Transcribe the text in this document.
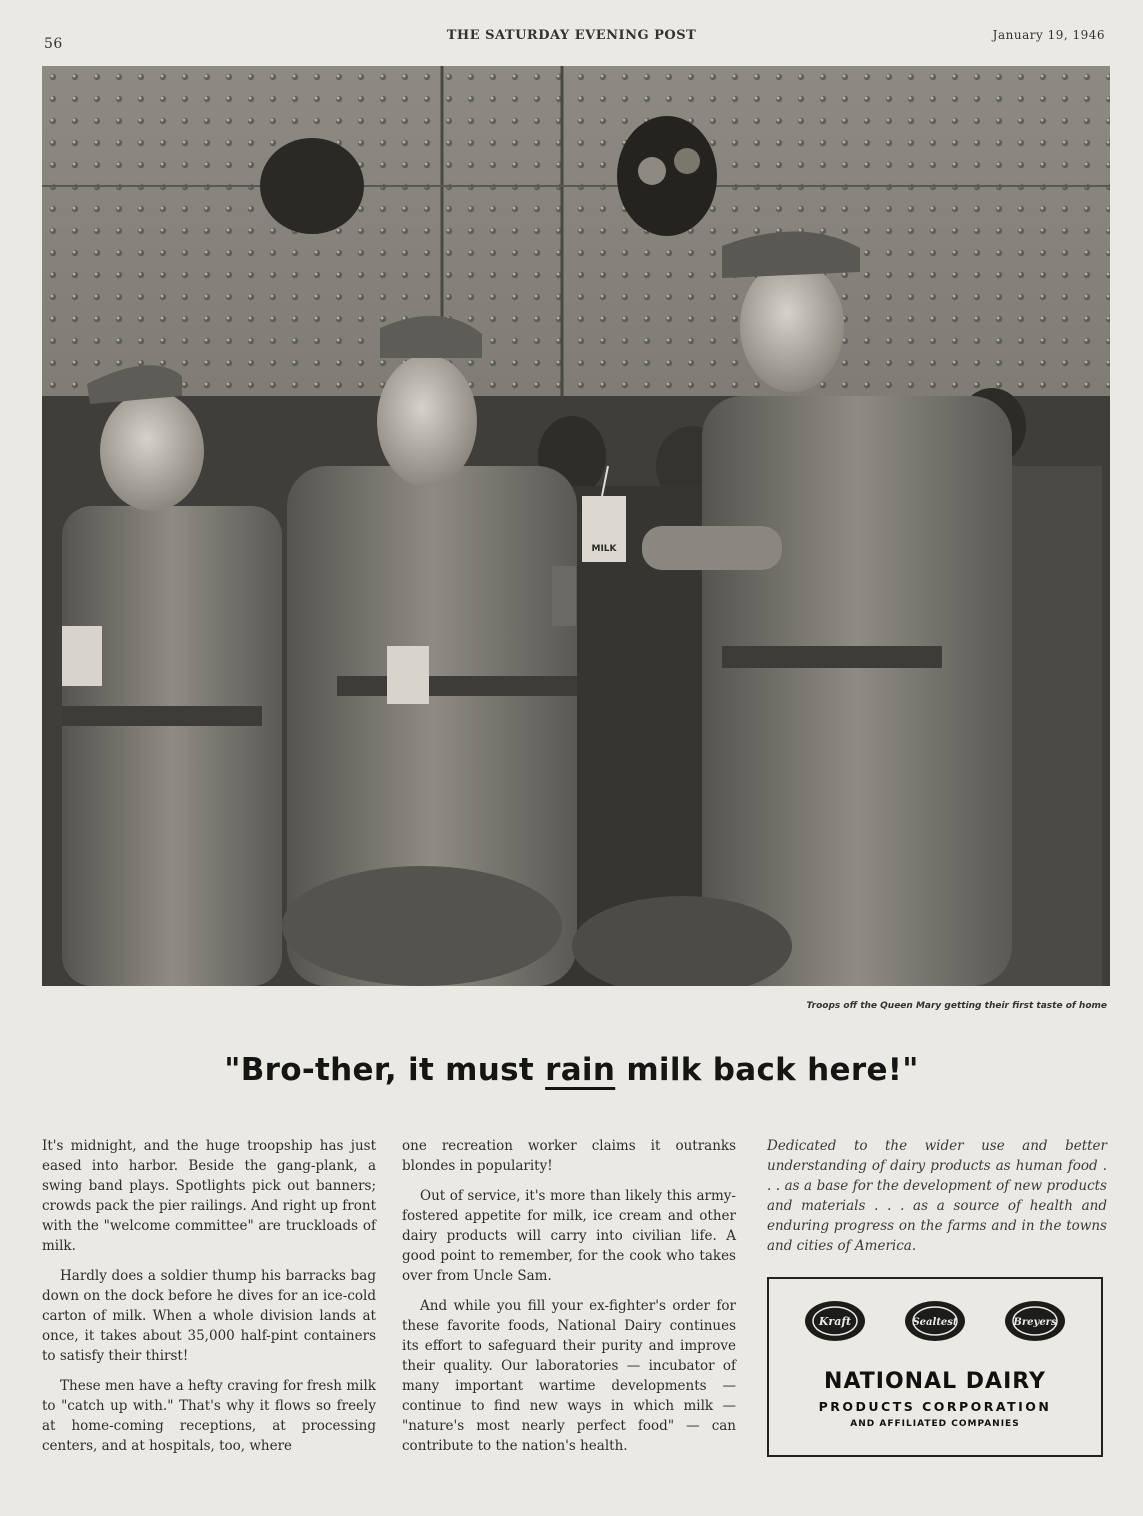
56
THE SATURDAY EVENING POST	January 19, 1946
MILK
Troops off the Queen Mary getting their first taste of home
"Bro-ther, it must rain milk back here!"

It's midnight, and the huge troopship has just eased into harbor. Beside the gang-plank, a swing band plays. Spotlights pick out banners; crowds pack the pier railings. And right up front with the "welcome committee" are truckloads of milk.

Hardly does a soldier thump his barracks bag down on the dock before he dives for an ice-cold carton of milk. When a whole division lands at once, it takes about 35,000 half-pint containers to satisfy their thirst!

These men have a hefty craving for fresh milk to "catch up with." That's why it flows so freely at home-coming receptions, at processing centers, and at hospitals, too, where

one recreation worker claims it outranks blondes in popularity!

Out of service, it's more than likely this army-fostered appetite for milk, ice cream and other dairy products will carry into civilian life. A good point to remember, for the cook who takes over from Uncle Sam.

And while you fill your ex-fighter's order for these favorite foods, National Dairy continues its effort to safeguard their purity and improve their quality. Our laboratories — incubator of many important wartime developments — continue to find new ways in which milk — "nature's most nearly perfect food" — can contribute to the nation's health.

Dedicated to the wider use and better understanding of dairy products as human food . . . as a base for the development of new products and materials . . . as a source of health and enduring progress on the farms and in the towns and cities of America.

Kraft	Sealtest	Breyers
NATIONAL DAIRY
PRODUCTS CORPORATION
AND AFFILIATED COMPANIES
